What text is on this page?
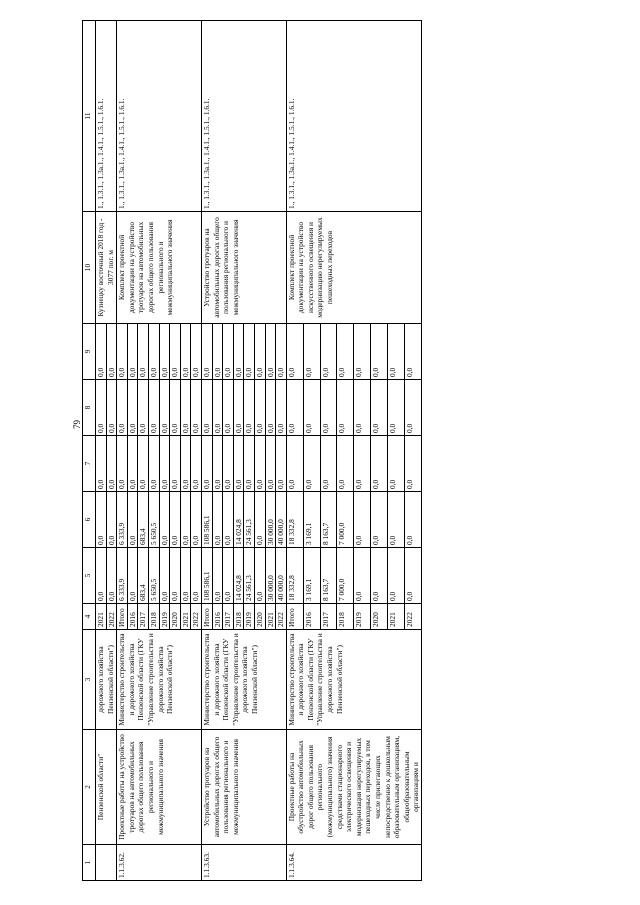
79
1	2	3	4	5	6	7	8	9	10	11
	Пензенской области"	дорожного хозяйства Пензенской области")	2021	0,0	0,0	0,0	0,0	0,0	Кузнецку восточный 2018 год - 3077 пог. м	1., 1.3.1., 1.3а.1., 1.4.1., 1.5.1., 1.6.1.
			2022	0,0	0,0	0,0	0,0	0,0		
1.1.3.62.	Проектные работы на устройство тротуаров на автомобильных дорогах общего пользования регионального и межмуниципального значения	Министерство строительства и дорожного хозяйства Пензенской области (ГКУ "Управление строительства и дорожного хозяйства Пензенской области")	Итого	6 333,9	6 333,9	0,0	0,0	0,0	Комплект проектной документации на устройство тротуаров на автомобильных дорогах общего пользования регионального и межмуниципального значения	1., 1.3.1., 1.3а.1., 1.4.1., 1.5.1., 1.6.1.
			2016	0,0	0,0	0,0	0,0	0,0		
			2017	683,4	683,4	0,0	0,0	0,0		
			2018	5 650,5	5 650,5	0,0	0,0	0,0		
			2019	0,0	0,0	0,0	0,0	0,0		
			2020	0,0	0,0	0,0	0,0	0,0		
			2021	0,0	0,0	0,0	0,0	0,0		
			2022	0,0	0,0	0,0	0,0	0,0		
1.1.3.63.	Устройство тротуаров на автомобильных дорогах общего пользования регионального и межмуниципального значения	Министерство строительства и дорожного хозяйства Пензенской области (ГКУ "Управление строительства и дорожного хозяйства Пензенской области")	Итого	108 586,1	108 586,1	0,0	0,0	0,0	Устройство тротуаров на автомобильных дорогах общего пользования регионального и межмуниципального значения	1., 1.3.1., 1.3а.1., 1.4.1., 1.5.1., 1.6.1.
			2016	0,0	0,0	0,0	0,0	0,0		
			2017	0,0	0,0	0,0	0,0	0,0		
			2018	14 024,8	14 024,8	0,0	0,0	0,0		
			2019	24 561,3	24 561,3	0,0	0,0	0,0		
			2020	0,0	0,0	0,0	0,0	0,0		
			2021	30 000,0	30 000,0	0,0	0,0	0,0		
			2022	40 000,0	40 000,0	0,0	0,0	0,0		
1.1.3.64.	Проектные работы на обустройство автомобильных дорог общего пользования регионального (межмуниципального) значения средствами стационарного электрического освещения и модернизация нерегулируемых пешеходных переходов, в том числе прилегающих непосредственно к дошкольным образовательным организациям, общеобразовательным организациям и	Министерство строительства и дорожного хозяйства Пензенской области (ГКУ "Управление строительства и дорожного хозяйства Пензенской области")	Итого	18 332,8	18 332,8	0,0	0,0	0,0	Комплект проектной документации на устройство искусственного освещения и модернизацию нерегулируемых пешеходных переходов	1., 1.3.1., 1.3а.1., 1.4.1., 1.5.1., 1.6.1.
			2016	3 169,1	3 169,1	0,0	0,0	0,0		
			2017	8 163,7	8 163,7	0,0	0,0	0,0		
			2018	7 000,0	7 000,0	0,0	0,0	0,0		
			2019	0,0	0,0	0,0	0,0	0,0		
			2020	0,0	0,0	0,0	0,0	0,0		
			2021	0,0	0,0	0,0	0,0	0,0		
			2022	0,0	0,0	0,0	0,0	0,0		
